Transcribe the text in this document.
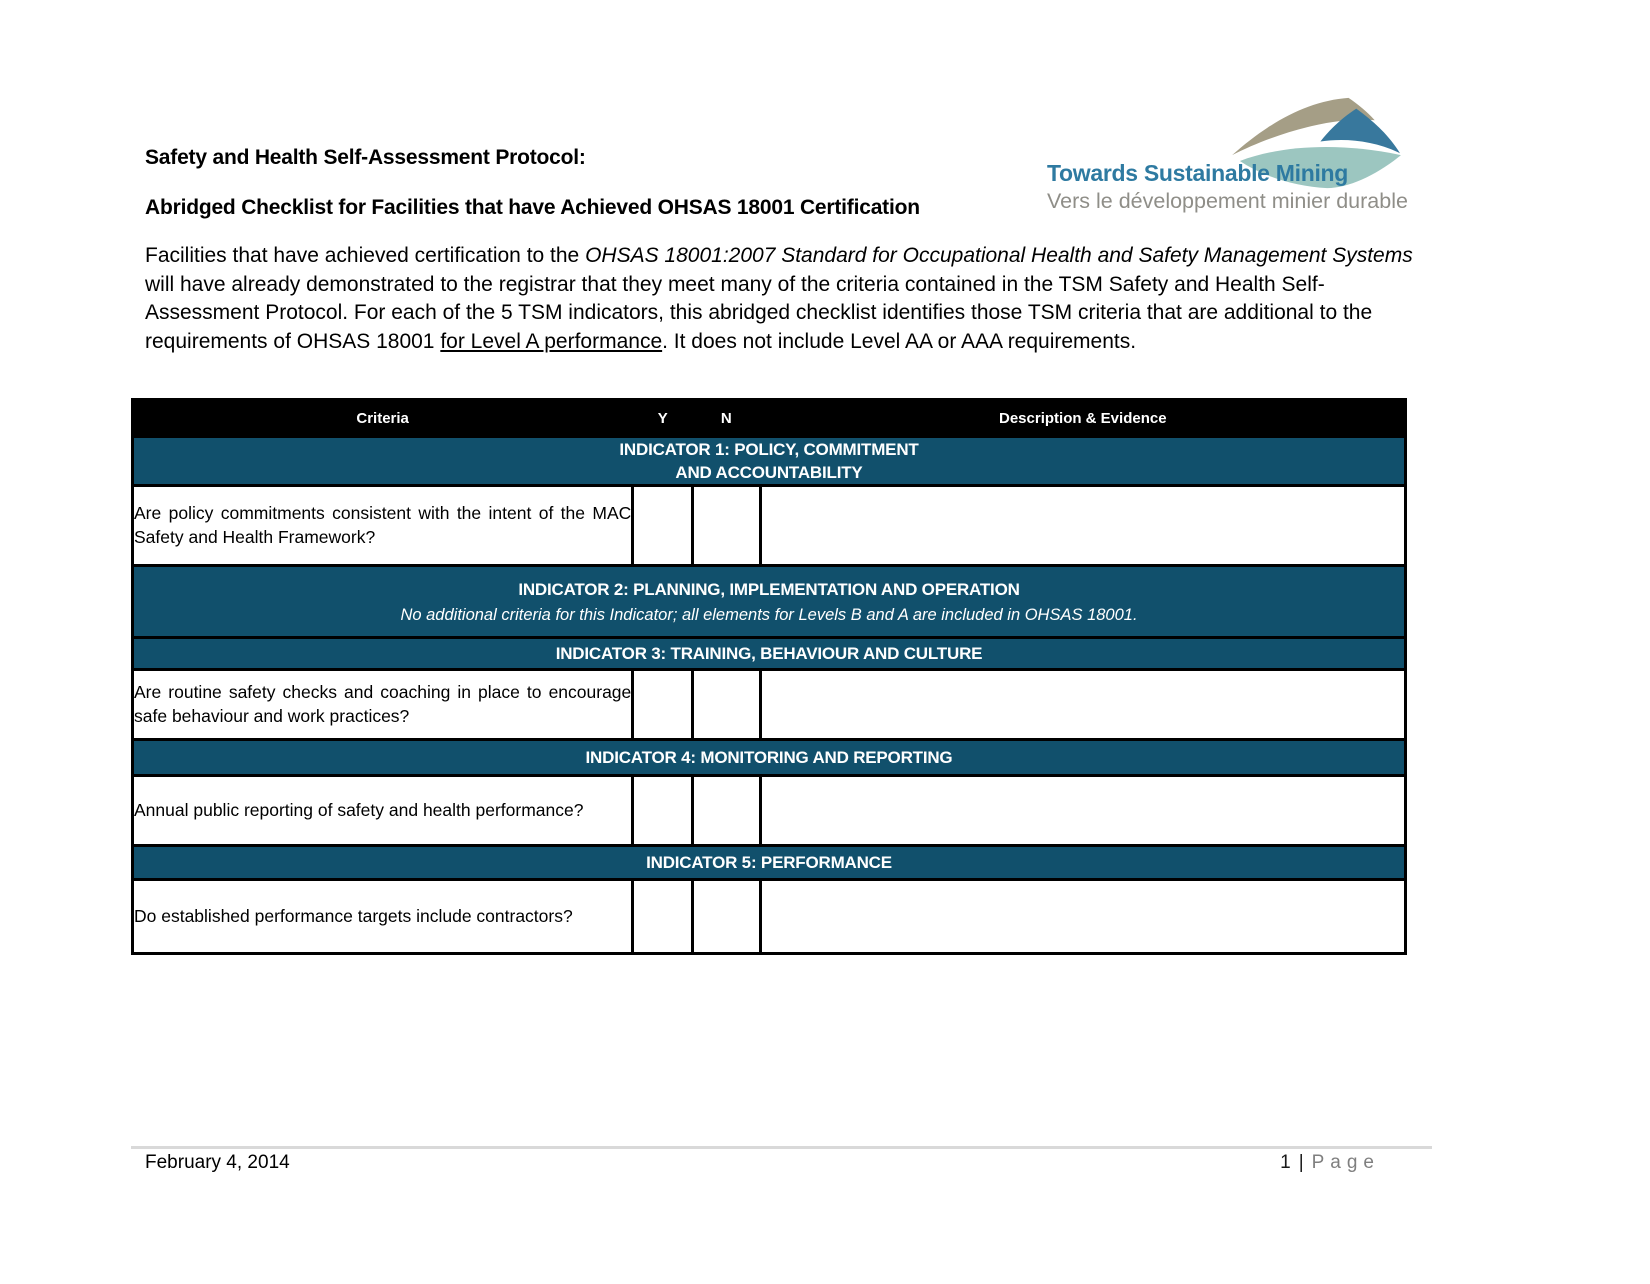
Safety and Health Self-Assessment Protocol:
Abridged Checklist for Facilities that have Achieved OHSAS 18001 Certification
Towards Sustainable Mining
Vers le développement minier durable
Facilities that have achieved certification to the OHSAS 18001:2007 Standard for Occupational Health and Safety Management Systems will have already demonstrated to the registrar that they meet many of the criteria contained in the TSM Safety and Health Self-Assessment Protocol. For each of the 5 TSM indicators, this abridged checklist identifies those TSM criteria that are additional to the requirements of OHSAS 18001 for Level A performance. It does not include Level AA or AAA requirements.
Criteria	Y	N	Description & Evidence

INDICATOR 1: POLICY, COMMITMENT
AND ACCOUNTABILITY			

Are policy commitments consistent with the intent of the MAC Safety and Health Framework?			

INDICATOR 2: PLANNING, IMPLEMENTATION AND OPERATION
No additional criteria for this Indicator; all elements for Levels B and A are included in OHSAS 18001.			

INDICATOR 3: TRAINING, BEHAVIOUR AND CULTURE			

Are routine safety checks and coaching in place to encourage safe behaviour and work practices?			

INDICATOR 4: MONITORING AND REPORTING			

Annual public reporting of safety and health performance?			

INDICATOR 5: PERFORMANCE			

Do established performance targets include contractors?			
February 4, 2014	1 | Page
